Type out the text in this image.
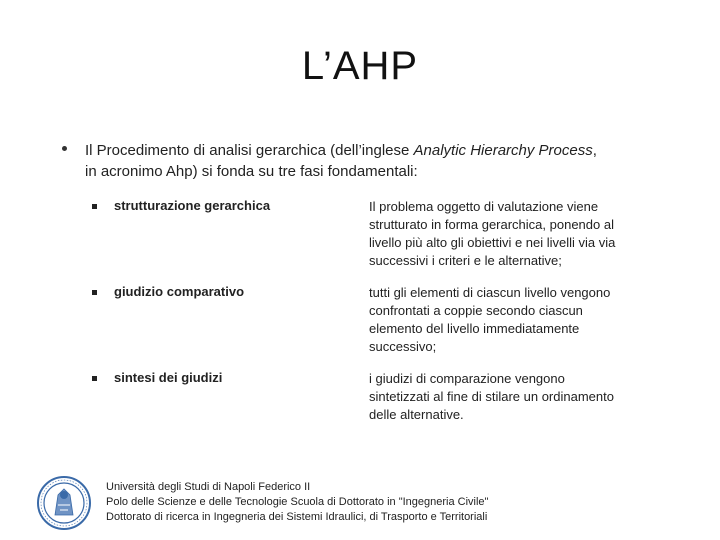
L’AHP
Il Procedimento di analisi gerarchica (dell’inglese Analytic Hierarchy Process,
in acronimo Ahp) si fonda su tre fasi fondamentali:
strutturazione gerarchica	Il problema oggetto di valutazione viene strutturato in forma gerarchica, ponendo al livello più alto gli obiettivi e nei livelli via via successivi i criteri e le alternative;
giudizio comparativo	tutti gli elementi di ciascun livello vengono confrontati a coppie secondo ciascun elemento del livello immediatamente successivo;
sintesi dei giudizi	i giudizi di comparazione vengono sintetizzati al fine di stilare un ordinamento delle alternative.
Università degli Studi di Napoli Federico II
Polo delle Scienze e delle Tecnologie Scuola di Dottorato in "Ingegneria Civile"
Dottorato di ricerca in Ingegneria dei Sistemi Idraulici, di Trasporto e Territoriali
